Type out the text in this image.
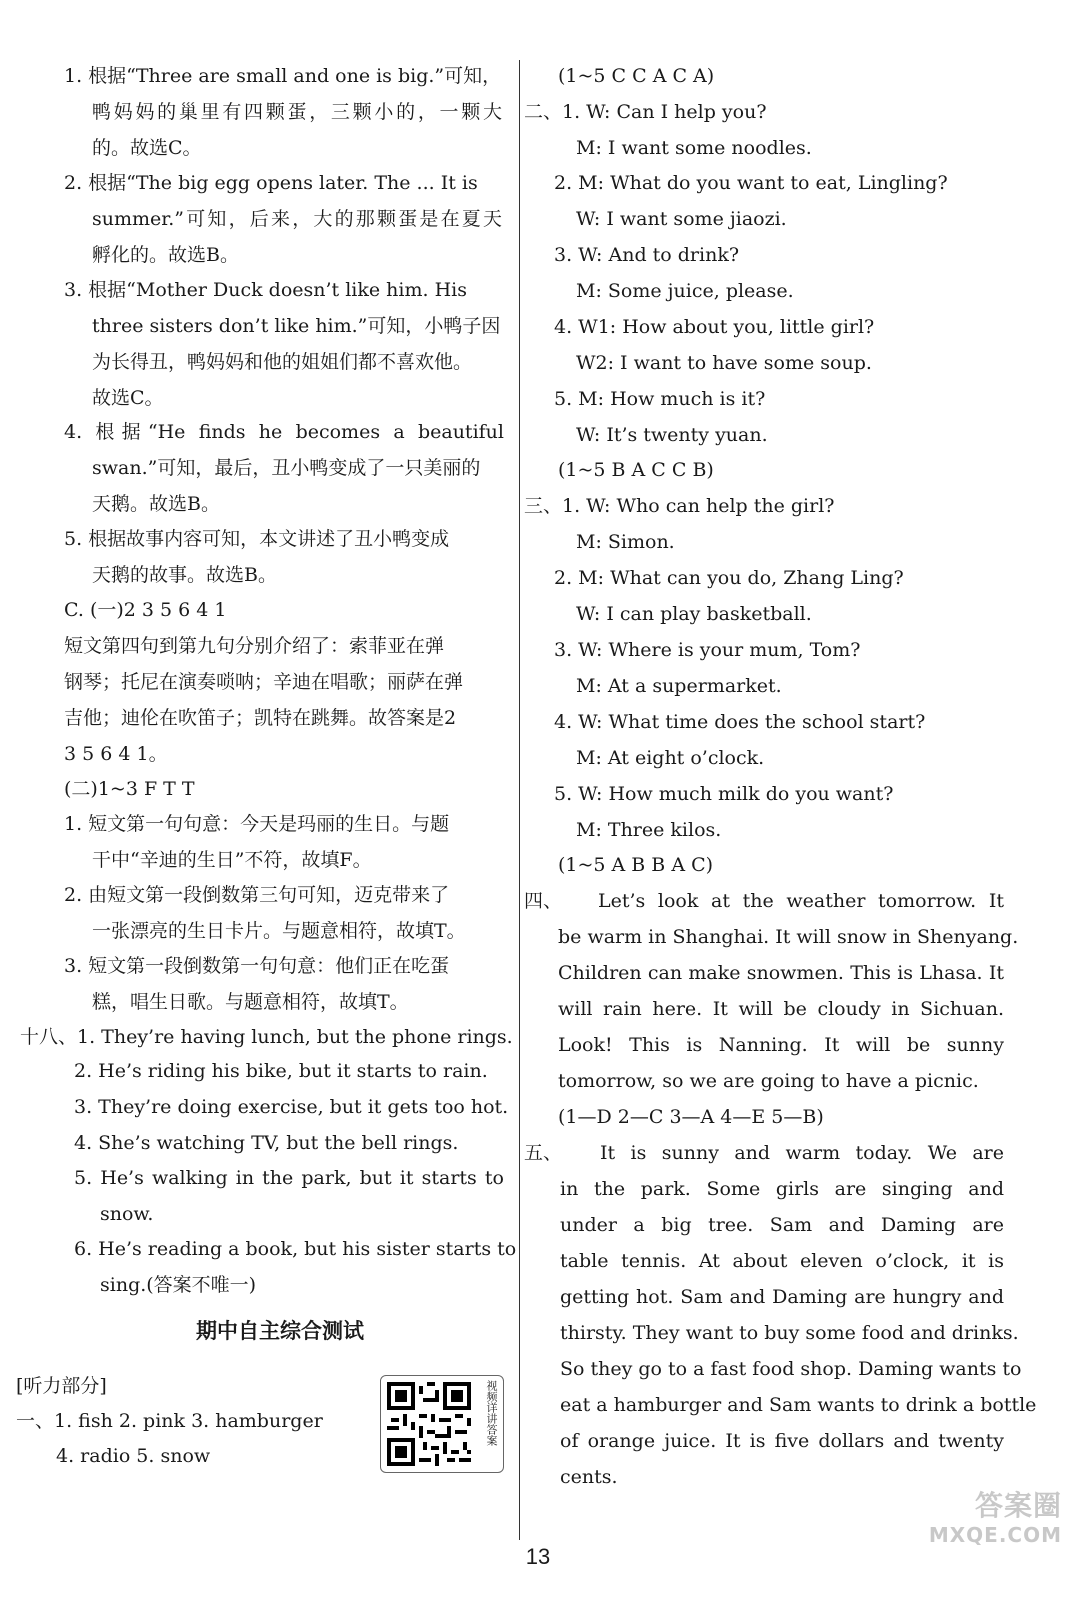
1. 根据“Three are small and one is big.”可知，
鸭妈妈的巢里有四颗蛋，三颗小的，一颗大
的。故选C。
2. 根据“The big egg opens later. The ... It is
summer.”可知，后来，大的那颗蛋是在夏天
孵化的。故选B。
3. 根据“Mother Duck doesn’t like him. His
three sisters don’t like him.”可知，小鸭子因
为长得丑，鸭妈妈和他的姐姐们都不喜欢他。
故选C。
4. 根据“He finds he becomes a beautiful
swan.”可知，最后，丑小鸭变成了一只美丽的
天鹅。故选B。
5. 根据故事内容可知，本文讲述了丑小鸭变成
天鹅的故事。故选B。
C. (一)2 3 5 6 4 1
短文第四句到第九句分别介绍了：索菲亚在弹
钢琴；托尼在演奏唢呐；辛迪在唱歌；丽萨在弹
吉他；迪伦在吹笛子；凯特在跳舞。故答案是2
3 5 6 4 1。
(二)1~3 F T T
1. 短文第一句句意：今天是玛丽的生日。与题
干中“辛迪的生日”不符，故填F。
2. 由短文第一段倒数第三句可知，迈克带来了
一张漂亮的生日卡片。与题意相符，故填T。
3. 短文第一段倒数第一句句意：他们正在吃蛋
糕，唱生日歌。与题意相符，故填T。
十八、1. They’re having lunch, but the phone rings.
2. He’s riding his bike, but it starts to rain.
3. They’re doing exercise, but it gets too hot.
4. She’s watching TV, but the bell rings.
5. He’s walking in the park, but it starts to
snow.
6. He’s reading a book, but his sister starts to
sing.(答案不唯一)
[听力部分]
一、1. fish 2. pink 3. hamburger
4. radio 5. snow
(1~5 C C A C A)
二、1. W: Can I help you?
M: I want some noodles.
2. M: What do you want to eat, Lingling?
W: I want some jiaozi.
3. W: And to drink?
M: Some juice, please.
4. W1: How about you, little girl?
W2: I want to have some soup.
5. M: How much is it?
W: It’s twenty yuan.
(1~5 B A C C B)
三、1. W: Who can help the girl?
M: Simon.
2. M: What can you do, Zhang Ling?
W: I can play basketball.
3. W: Where is your mum, Tom?
M: At a supermarket.
4. W: What time does the school start?
M: At eight o’clock.
5. W: How much milk do you want?
M: Three kilos.
(1~5 A B B A C)
四、	Let’s look at the weather tomorrow. It
be warm in Shanghai. It will snow in Shenyang.
Children can make snowmen. This is Lhasa. It
will rain here. It will be cloudy in Sichuan.
Look! This is Nanning. It will be sunny
tomorrow, so we are going to have a picnic.
(1—D 2—C 3—A 4—E 5—B)
五、	It is sunny and warm today. We are
in the park. Some girls are singing and
under a big tree. Sam and Daming are
table tennis. At about eleven o’clock, it is
getting hot. Sam and Daming are hungry and
thirsty. They want to buy some food and drinks.
So they go to a fast food shop. Daming wants to
eat a hamburger and Sam wants to drink a bottle
of orange juice. It is five dollars and twenty
cents.
期中自主综合测试
视频详讲答案
13
答案圈
MXQE.COM
